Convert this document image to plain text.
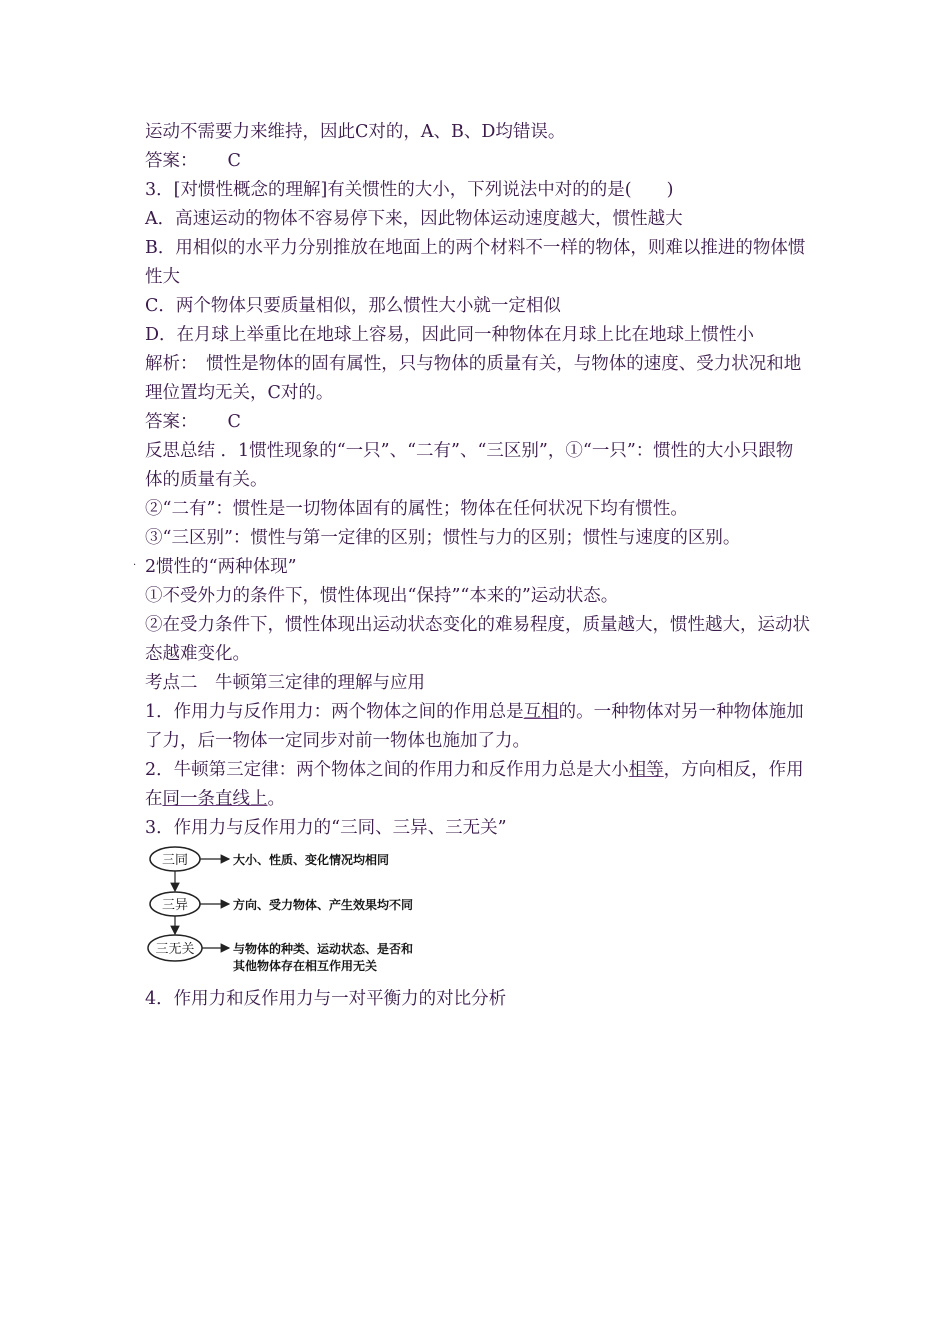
运动不需要力来维持，因此C对的，A、B、D均错误。

答案： C

3．[对惯性概念的理解]有关惯性的大小，下列说法中对的的是(　　)

A．高速运动的物体不容易停下来，因此物体运动速度越大，惯性越大

B．用相似的水平力分别推放在地面上的两个材料不一样的物体，则难以推进的物体惯性大

C．两个物体只要质量相似，那么惯性大小就一定相似

D．在月球上举重比在地球上容易，因此同一种物体在月球上比在地球上惯性小

解析：　惯性是物体的固有属性，只与物体的质量有关，与物体的速度、受力状况和地理位置均无关，C对的。

答案： C

反思总结 ．1惯性现象的“一只”、“二有”、“三区别”，①“一只”：惯性的大小只跟物体的质量有关。

②“二有”：惯性是一切物体固有的属性；物体在任何状况下均有惯性。

③“三区别”：惯性与第一定律的区别；惯性与力的区别；惯性与速度的区别。

2惯性的“两种体现”

①不受外力的条件下，惯性体现出“保持”“本来的”运动状态。

②在受力条件下，惯性体现出运动状态变化的难易程度，质量越大，惯性越大，运动状态越难变化。

考点二　牛顿第三定律的理解与应用

1．作用力与反作用力：两个物体之间的作用总是互相的。一种物体对另一种物体施加了力，后一物体一定同步对前一物体也施加了力。

2．牛顿第三定律：两个物体之间的作用力和反作用力总是大小相等，方向相反，作用在同一条直线上。

3．作用力与反作用力的“三同、三异、三无关”

·
三同
三异
三无关
大小、性质、变化情况均相同
方向、受力物体、产生效果均不同
与物体的种类、运动状态、是否和
其他物体存在相互作用无关

4．作用力和反作用力与一对平衡力的对比分析
